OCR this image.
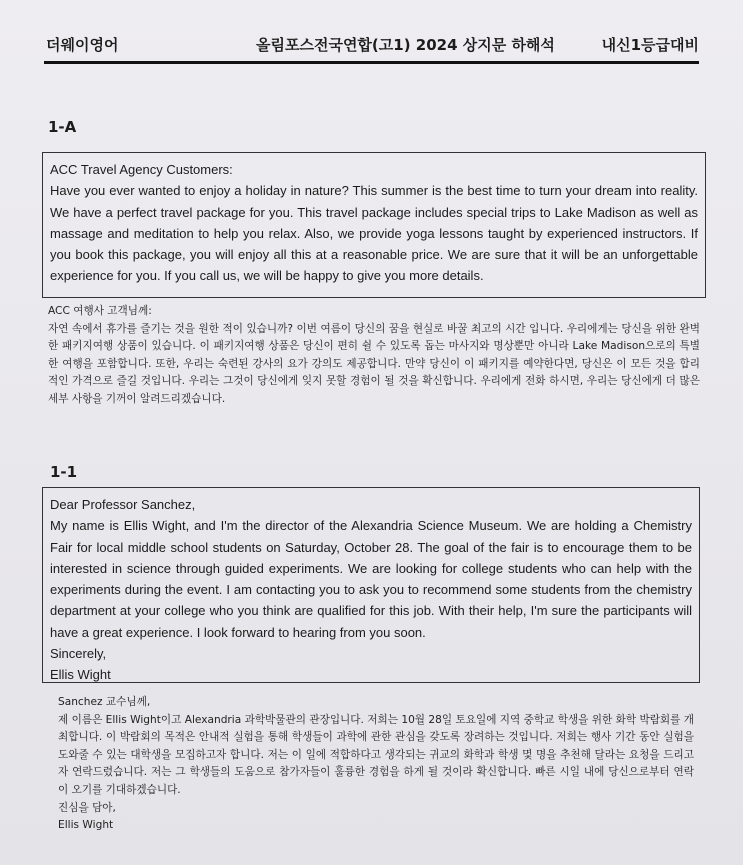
더웨이영어	올림포스전국연합(고1) 2024 상지문 하해석	내신1등급대비
1-A

ACC Travel Agency Customers:

Have you ever wanted to enjoy a holiday in nature? This summer is the best time to turn your dream into reality. We have a perfect travel package for you. This travel package includes special trips to Lake Madison as well as massage and meditation to help you relax. Also, we provide yoga lessons taught by experienced instructors. If you book this package, you will enjoy all this at a reasonable price. We are sure that it will be an unforgettable experience for you. If you call us, we will be happy to give you more details.

ACC 여행사 고객님께:

자연 속에서 휴가를 즐기는 것을 원한 적이 있습니까? 이번 여름이 당신의 꿈을 현실로 바꿀 최고의 시간 입니다. 우리에게는 당신을 위한 완벽한 패키지여행 상품이 있습니다. 이 패키지여행 상품은 당신이 편히 쉴 수 있도록 돕는 마사지와 명상뿐만 아니라 Lake Madison으로의 특별한 여행을 포함합니다. 또한, 우리는 숙련된 강사의 요가 강의도 제공합니다. 만약 당신이 이 패키지를 예약한다면, 당신은 이 모든 것을 합리 적인 가격으로 즐길 것입니다. 우리는 그것이 당신에게 잊지 못할 경험이 될 것을 확신합니다. 우리에게 전화 하시면, 우리는 당신에게 더 많은 세부 사항을 기꺼이 알려드리겠습니다.

1-1

Dear Professor Sanchez,

My name is Ellis Wight, and I'm the director of the Alexandria Science Museum. We are holding a Chemistry Fair for local middle school students on Saturday, October 28. The goal of the fair is to encourage them to be interested in science through guided experiments. We are looking for college students who can help with the experiments during the event. I am contacting you to ask you to recommend some students from the chemistry department at your college who you think are qualified for this job. With their help, I'm sure the participants will have a great experience. I look forward to hearing from you soon.

Sincerely,

Ellis Wight

Sanchez 교수님께,

제 이름은 Ellis Wight이고 Alexandria 과학박물관의 관장입니다. 저희는 10월 28일 토요일에 지역 중학교 학생을 위한 화학 박람회를 개최합니다. 이 박람회의 목적은 안내적 실험을 통해 학생들이 과학에 관한 관심을 갖도록 장려하는 것입니다. 저희는 행사 기간 동안 실험을 도와줄 수 있는 대학생을 모집하고자 합니다. 저는 이 일에 적합하다고 생각되는 귀교의 화학과 학생 몇 명을 추천해 달라는 요청을 드리고자 연락드렸습니다. 저는 그 학생들의 도움으로 참가자들이 훌륭한 경험을 하게 될 것이라 확신합니다. 빠른 시일 내에 당신으로부터 연락이 오기를 기대하겠습니다.

진심을 담아,

Ellis Wight
